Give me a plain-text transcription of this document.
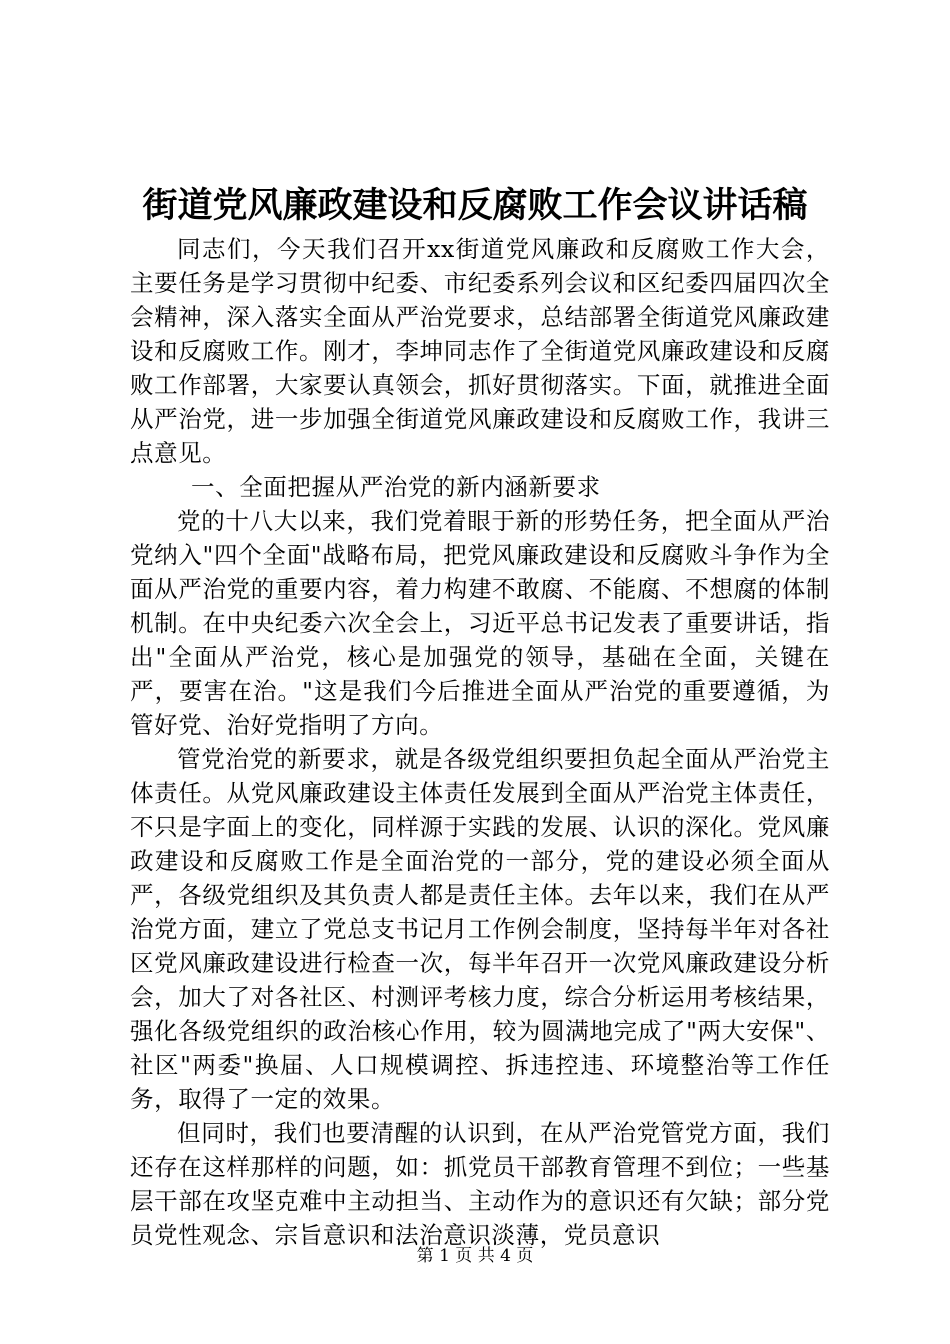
街道党风廉政建设和反腐败工作会议讲话稿

同志们，今天我们召开xx街道党风廉政和反腐败工作大会，主要任务是学习贯彻中纪委、市纪委系列会议和区纪委四届四次全会精神，深入落实全面从严治党要求，总结部署全街道党风廉政建设和反腐败工作。刚才，李坤同志作了全街道党风廉政建设和反腐败工作部署，大家要认真领会，抓好贯彻落实。下面，就推进全面从严治党，进一步加强全街道党风廉政建设和反腐败工作，我讲三点意见。

一、全面把握从严治党的新内涵新要求

党的十八大以来，我们党着眼于新的形势任务，把全面从严治党纳入"四个全面"战略布局，把党风廉政建设和反腐败斗争作为全面从严治党的重要内容，着力构建不敢腐、不能腐、不想腐的体制机制。在中央纪委六次全会上，习近平总书记发表了重要讲话，指出"全面从严治党，核心是加强党的领导，基础在全面，关键在严，要害在治。"这是我们今后推进全面从严治党的重要遵循，为管好党、治好党指明了方向。

管党治党的新要求，就是各级党组织要担负起全面从严治党主体责任。从党风廉政建设主体责任发展到全面从严治党主体责任，不只是字面上的变化，同样源于实践的发展、认识的深化。党风廉政建设和反腐败工作是全面治党的一部分，党的建设必须全面从严，各级党组织及其负责人都是责任主体。去年以来，我们在从严治党方面，建立了党总支书记月工作例会制度，坚持每半年对各社区党风廉政建设进行检查一次，每半年召开一次党风廉政建设分析会，加大了对各社区、村测评考核力度，综合分析运用考核结果，强化各级党组织的政治核心作用，较为圆满地完成了"两大安保"、社区"两委"换届、人口规模调控、拆违控违、环境整治等工作任务，取得了一定的效果。

但同时，我们也要清醒的认识到，在从严治党管党方面，我们还存在这样那样的问题，如：抓党员干部教育管理不到位；一些基层干部在攻坚克难中主动担当、主动作为的意识还有欠缺；部分党员党性观念、宗旨意识和法治意识淡薄，党员意识

第 1 页 共 4 页
